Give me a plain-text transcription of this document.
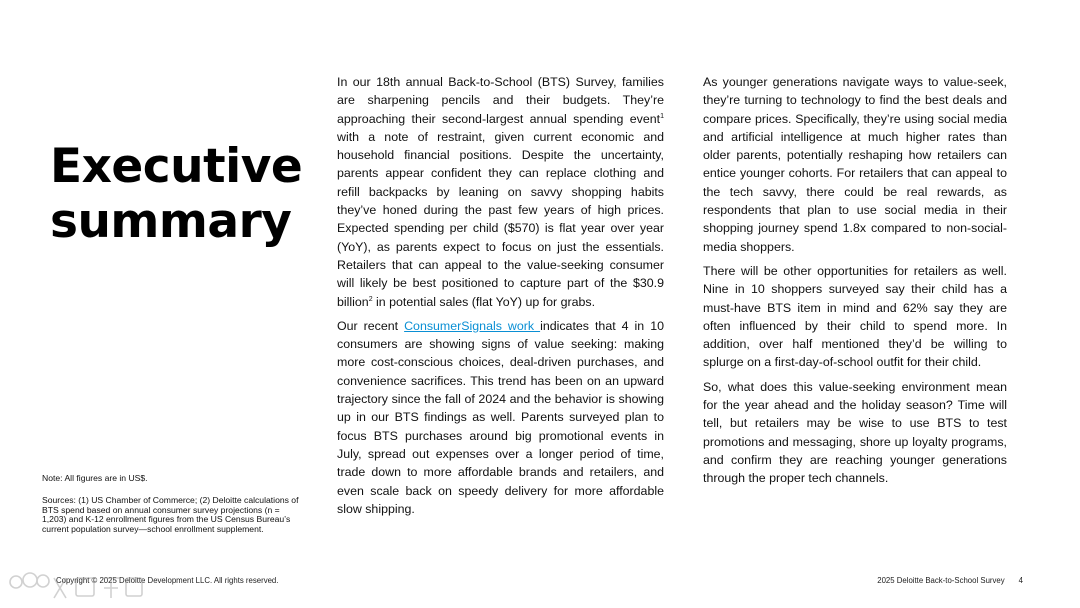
Executive
summary

In our 18th annual Back-to-School (BTS) Survey, families are sharpening pencils and their budgets. They’re approaching their second-largest annual spending event$^1$ with a note of restraint, given current economic and household financial positions. Despite the uncertainty, parents appear confident they can replace clothing and refill backpacks by leaning on savvy shopping habits they’ve honed during the past few years of high prices. Expected spending per child ($570) is flat year over year (YoY), as parents expect to focus on just the essentials. Retailers that can appeal to the value-seeking consumer will likely be best positioned to capture part of the $30.9 billion$^2$ in potential sales (flat YoY) up for grabs.

Our recent ConsumerSignals work indicates that 4 in 10 consumers are showing signs of value seeking: making more cost-conscious choices, deal-driven purchases, and convenience sacrifices. This trend has been on an upward trajectory since the fall of 2024 and the behavior is showing up in our BTS findings as well. Parents surveyed plan to focus BTS purchases around big promotional events in July, spread out expenses over a longer period of time, trade down to more affordable brands and retailers, and even scale back on speedy delivery for more affordable slow shipping.

As younger generations navigate ways to value-seek, they’re turning to technology to find the best deals and compare prices. Specifically, they’re using social media and artificial intelligence at much higher rates than older parents, potentially reshaping how retailers can entice younger cohorts. For retailers that can appeal to the tech savvy, there could be real rewards, as respondents that plan to use social media in their shopping journey spend 1.8x compared to non-social-media shoppers.

There will be other opportunities for retailers as well. Nine in 10 shoppers surveyed say their child has a must-have BTS item in mind and 62% say they are often influenced by their child to spend more. In addition, over half mentioned they’d be willing to splurge on a first-day-of-school outfit for their child.

So, what does this value-seeking environment mean for the year ahead and the holiday season? Time will tell, but retailers may be wise to use BTS to test promotions and messaging, shore up loyalty programs, and confirm they are reaching younger generations through the proper tech channels.

Note: All figures are in US$.
Sources: (1) US Chamber of Commerce; (2) Deloitte calculations of BTS spend based on annual consumer survey projections (n = 1,203) and K-12 enrollment figures from the US Census Bureau’s current population survey—school enrollment supplement.
Copyright © 2025 Deloitte Development LLC. All rights reserved.	2025 Deloitte Back-to-School Survey 4
